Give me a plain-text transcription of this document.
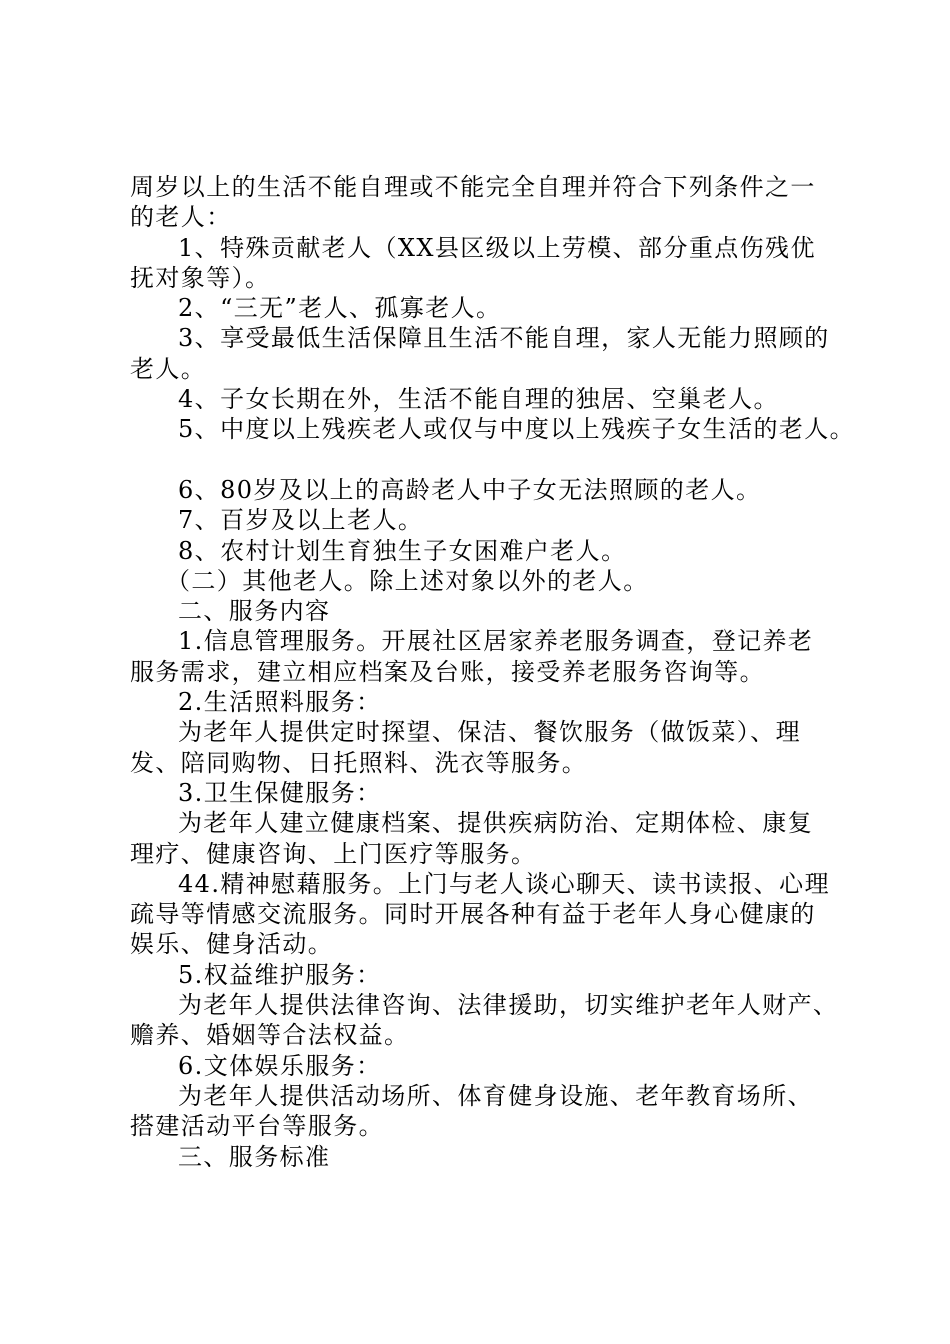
周岁以上的生活不能自理或不能完全自理并符合下列条件之一
的老人：
1、特殊贡献老人（XX县区级以上劳模、部分重点伤残优
抚对象等）。
2、“三无”老人、孤寡老人。
3、享受最低生活保障且生活不能自理，家人无能力照顾的
老人。
4、子女长期在外，生活不能自理的独居、空巢老人。
5、中度以上残疾老人或仅与中度以上残疾子女生活的老人。
6、80岁及以上的高龄老人中子女无法照顾的老人。
7、百岁及以上老人。
8、农村计划生育独生子女困难户老人。
（二）其他老人。除上述对象以外的老人。
二、服务内容
1.信息管理服务。开展社区居家养老服务调查，登记养老
服务需求，建立相应档案及台账，接受养老服务咨询等。
2.生活照料服务：
为老年人提供定时探望、保洁、餐饮服务（做饭菜）、理
发、陪同购物、日托照料、洗衣等服务。
3.卫生保健服务：
为老年人建立健康档案、提供疾病防治、定期体检、康复
理疗、健康咨询、上门医疗等服务。
44.精神慰藉服务。上门与老人谈心聊天、读书读报、心理
疏导等情感交流服务。同时开展各种有益于老年人身心健康的
娱乐、健身活动。
5.权益维护服务：
为老年人提供法律咨询、法律援助，切实维护老年人财产、
赡养、婚姻等合法权益。
6.文体娱乐服务：
为老年人提供活动场所、体育健身设施、老年教育场所、
搭建活动平台等服务。
三、服务标准
